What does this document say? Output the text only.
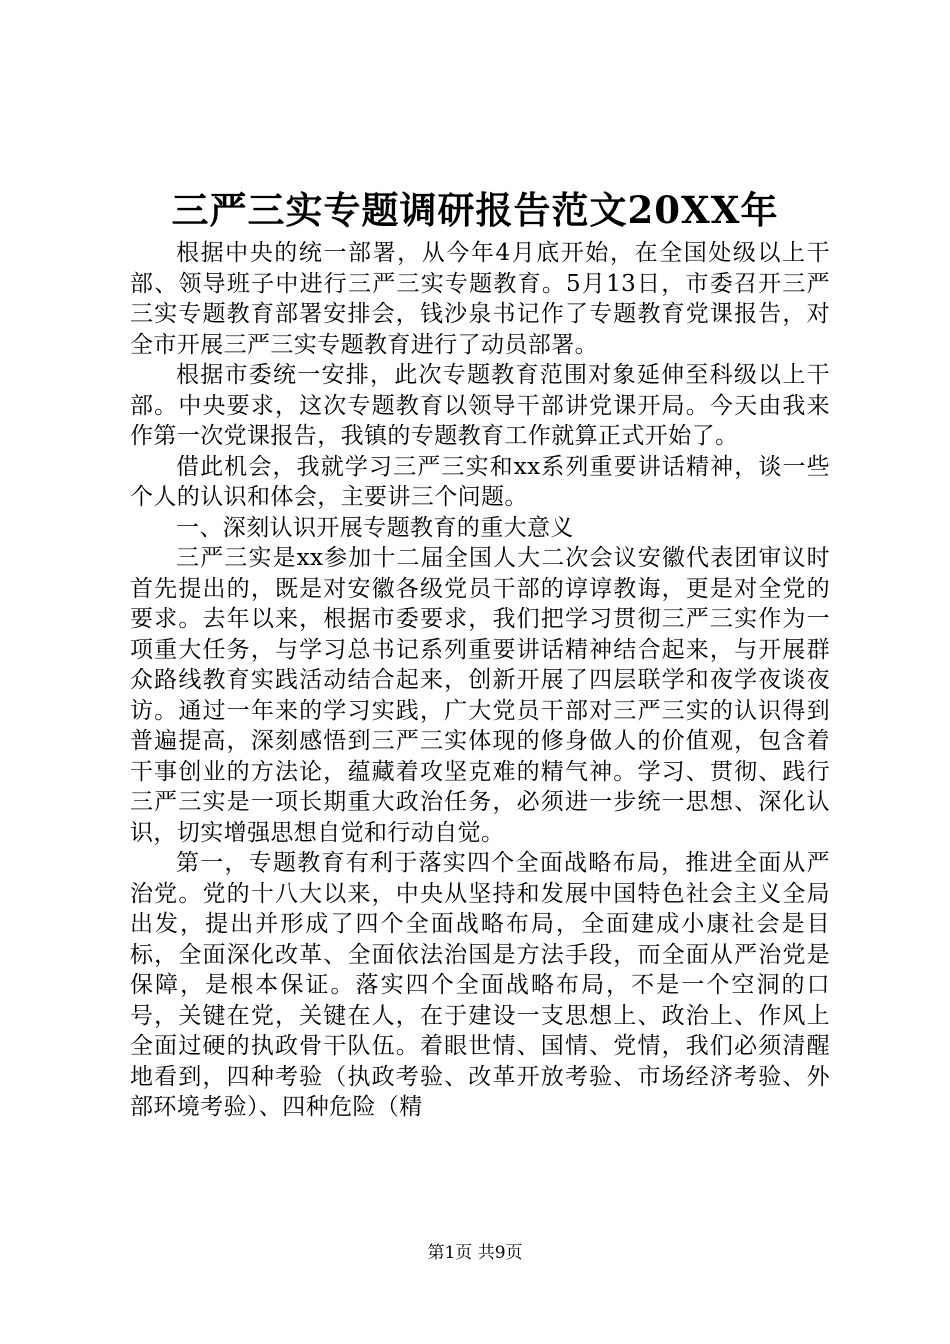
三严三实专题调研报告范文20XX年

根据中央的统一部署，从今年4月底开始，在全国处级以上干部、领导班子中进行三严三实专题教育。5月13日，市委召开三严三实专题教育部署安排会，钱沙泉书记作了专题教育党课报告，对全市开展三严三实专题教育进行了动员部署。

根据市委统一安排，此次专题教育范围对象延伸至科级以上干部。中央要求，这次专题教育以领导干部讲党课开局。今天由我来作第一次党课报告，我镇的专题教育工作就算正式开始了。

借此机会，我就学习三严三实和xx系列重要讲话精神，谈一些个人的认识和体会，主要讲三个问题。

一、深刻认识开展专题教育的重大意义

三严三实是xx参加十二届全国人大二次会议安徽代表团审议时首先提出的，既是对安徽各级党员干部的谆谆教诲，更是对全党的要求。去年以来，根据市委要求，我们把学习贯彻三严三实作为一项重大任务，与学习总书记系列重要讲话精神结合起来，与开展群众路线教育实践活动结合起来，创新开展了四层联学和夜学夜谈夜访。通过一年来的学习实践，广大党员干部对三严三实的认识得到普遍提高，深刻感悟到三严三实体现的修身做人的价值观，包含着干事创业的方法论，蕴藏着攻坚克难的精气神。学习、贯彻、践行三严三实是一项长期重大政治任务，必须进一步统一思想、深化认识，切实增强思想自觉和行动自觉。

第一，专题教育有利于落实四个全面战略布局，推进全面从严治党。党的十八大以来，中央从坚持和发展中国特色社会主义全局出发，提出并形成了四个全面战略布局，全面建成小康社会是目标，全面深化改革、全面依法治国是方法手段，而全面从严治党是保障，是根本保证。落实四个全面战略布局，不是一个空洞的口号，关键在党，关键在人，在于建设一支思想上、政治上、作风上全面过硬的执政骨干队伍。着眼世情、国情、党情，我们必须清醒地看到，四种考验（执政考验、改革开放考验、市场经济考验、外部环境考验）、四种危险（精

第1页 共9页
